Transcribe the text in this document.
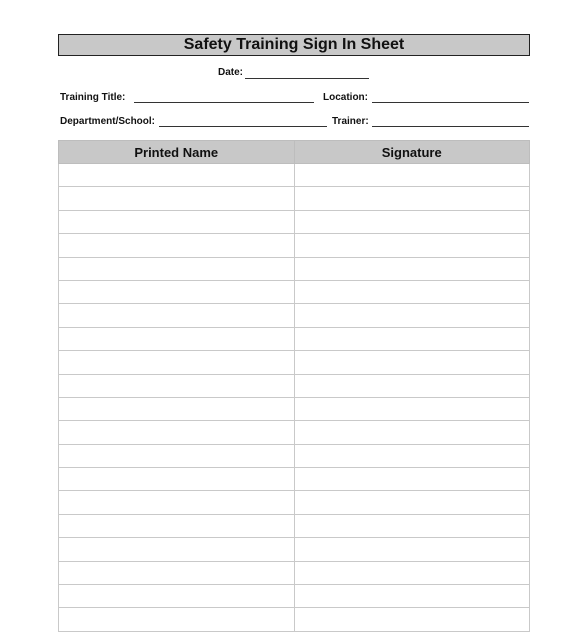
Safety Training Sign In Sheet
Date:
Training Title:	Location:
Department/School:	Trainer:
Printed Name	Signature
